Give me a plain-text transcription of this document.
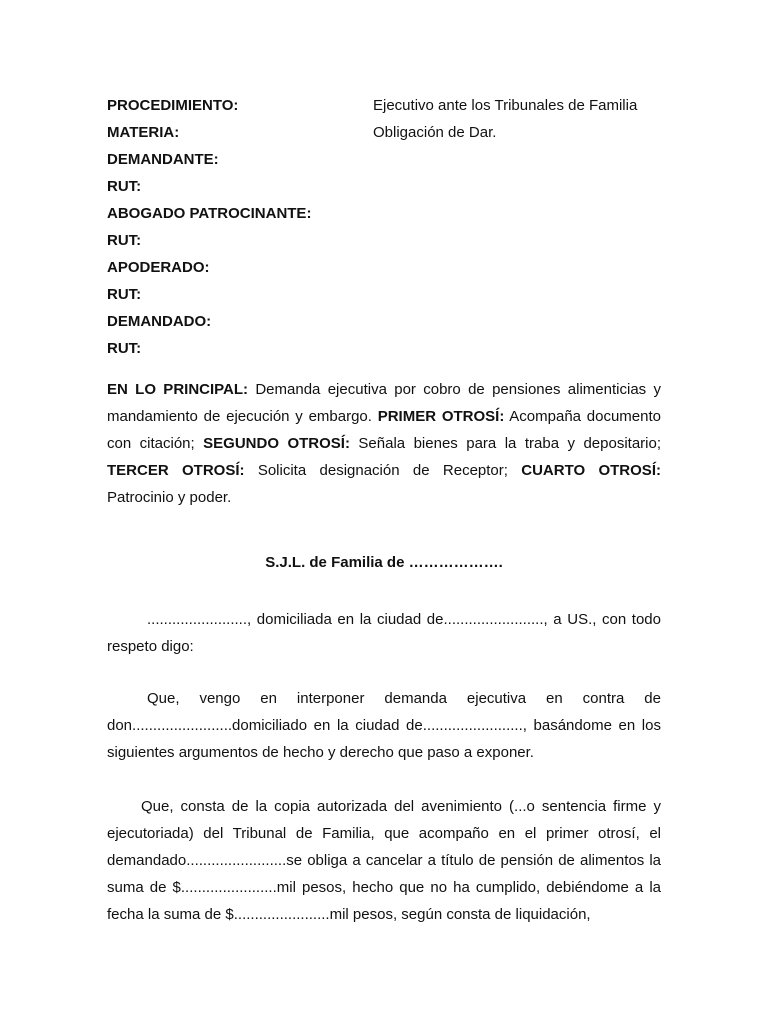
PROCEDIMIENTO:	Ejecutivo ante los Tribunales de Familia
MATERIA:	Obligación de Dar.
DEMANDANTE:
RUT:
ABOGADO PATROCINANTE:
RUT:
APODERADO:
RUT:
DEMANDADO:
RUT:

EN LO PRINCIPAL: Demanda ejecutiva por cobro de pensiones alimenticias y mandamiento de ejecución y embargo. PRIMER OTROSÍ: Acompaña documento con citación; SEGUNDO OTROSÍ: Señala bienes para la traba y depositario; TERCER OTROSÍ: Solicita designación de Receptor; CUARTO OTROSÍ: Patrocinio y poder.

S.J.L. de Familia de ……………….

........................, domiciliada en la ciudad de........................, a US., con todo respeto digo:

Que, vengo en interponer demanda ejecutiva en contra de don........................domiciliado en la ciudad de........................, basándome en los siguientes argumentos de hecho y derecho que paso a exponer.

Que, consta de la copia autorizada del avenimiento (...o sentencia firme y ejecutoriada) del Tribunal de Familia, que acompaño en el primer otrosí, el demandado........................se obliga a cancelar a título de pensión de alimentos la suma de $.......................mil pesos, hecho que no ha cumplido, debiéndome a la fecha la suma de $.......................mil pesos, según consta de liquidación,
